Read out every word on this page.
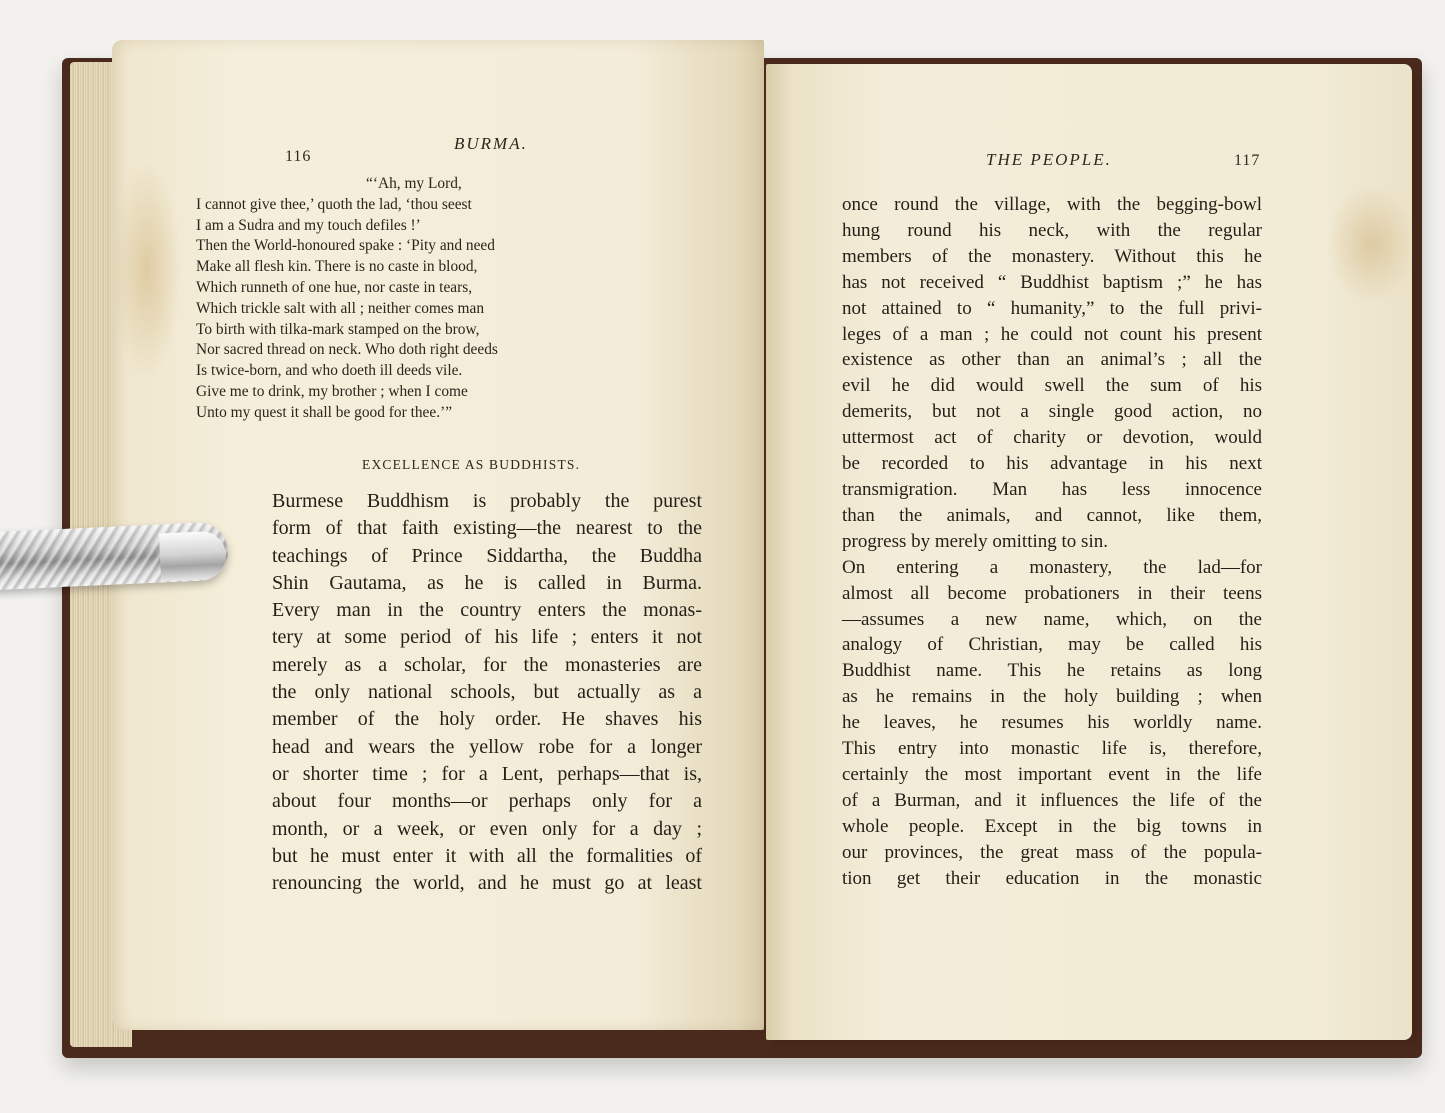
116
BURMA.
“‘Ah, my Lord,
I cannot give thee,’ quoth the lad, ‘thou seest
I am a Sudra and my touch defiles !’
Then the World-honoured spake : ‘Pity and need
Make all flesh kin. There is no caste in blood,
Which runneth of one hue, nor caste in tears,
Which trickle salt with all ; neither comes man
To birth with tilka-mark stamped on the brow,
Nor sacred thread on neck. Who doth right deeds
Is twice-born, and who doeth ill deeds vile.
Give me to drink, my brother ; when I come
Unto my quest it shall be good for thee.’”
EXCELLENCE AS BUDDHISTS.
Burmese Buddhism is probably the purest
form of that faith existing—the nearest to the
teachings of Prince Siddartha, the Buddha
Shin Gautama, as he is called in Burma.
Every man in the country enters the monas-
tery at some period of his life ; enters it not
merely as a scholar, for the monasteries are
the only national schools, but actually as a
member of the holy order. He shaves his
head and wears the yellow robe for a longer
or shorter time ; for a Lent, perhaps—that is,
about four months—or perhaps only for a
month, or a week, or even only for a day ;
but he must enter it with all the formalities of
renouncing the world, and he must go at least
THE PEOPLE.	117
once round the village, with the begging-bowl
hung round his neck, with the regular
members of the monastery. Without this he
has not received “ Buddhist baptism ;” he has
not attained to “ humanity,” to the full privi-
leges of a man ; he could not count his present
existence as other than an animal’s ; all the
evil he did would swell the sum of his
demerits, but not a single good action, no
uttermost act of charity or devotion, would
be recorded to his advantage in his next
transmigration. Man has less innocence
than the animals, and cannot, like them,
progress by merely omitting to sin.
On entering a monastery, the lad—for
almost all become probationers in their teens
—assumes a new name, which, on the
analogy of Christian, may be called his
Buddhist name. This he retains as long
as he remains in the holy building ; when
he leaves, he resumes his worldly name.
This entry into monastic life is, therefore,
certainly the most important event in the life
of a Burman, and it influences the life of the
whole people. Except in the big towns in
our provinces, the great mass of the popula-
tion get their education in the monastic
